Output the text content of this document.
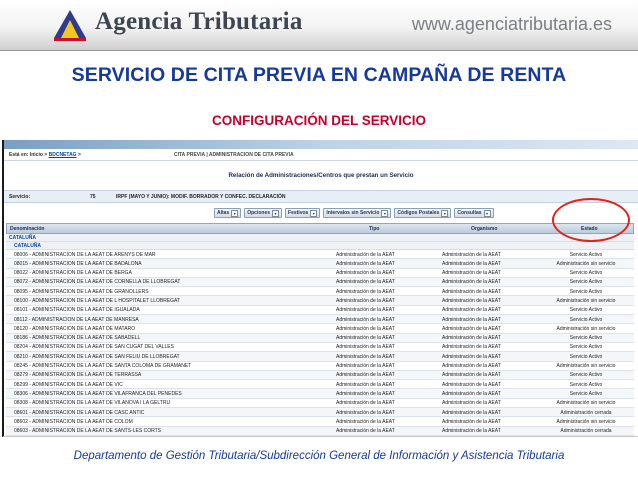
Agencia Tributaria	www.agenciatributaria.es
SERVICIO DE CITA PREVIA EN CAMPAÑA DE RENTA
CONFIGURACIÓN DEL SERVICIO
Está en: Inicio > BDCNETAG >	CITA PREVIA | ADMINISTRACION DE CITA PREVIA
Relación de Administraciones/Centros que prestan un Servicio
Servicio:	75	IRPF (MAYO Y JUNIO): MODIF. BORRADOR Y CONFEC. DECLARACIÓN
Altas	▾	Opciones	▾	Festivos	▾	Intervalos sin Servicio	▾	Códigos Postales	▾	Consultas	▾
Denominación	Tipo	Organismo	Estado
CATALUÑA
CATALUÑA
08006 - ADMINISTRACION DE LA AEAT DE ARENYS DE MAR	Administración de la AEAT	Administración de la AEAT	Servicio Activo
08015 - ADMINISTRACION DE LA AEAT DE BADALONA	Administración de la AEAT	Administración de la AEAT	Administración sin servicio
08022 - ADMINISTRACION DE LA AEAT DE BERGA	Administración de la AEAT	Administración de la AEAT	Servicio Activo
08072 - ADMINISTRACION DE LA AEAT DE CORNELLA DE LLOBREGAT	Administración de la AEAT	Administración de la AEAT	Servicio Activo
08095 - ADMINISTRACION DE LA AEAT DE GRANOLLERS	Administración de la AEAT	Administración de la AEAT	Servicio Activo
08100 - ADMINISTRACION DE LA AEAT DE L HOSPITALET LLOBREGAT	Administración de la AEAT	Administración de la AEAT	Administración sin servicio
08101 - ADMINISTRACION DE LA AEAT DE IGUALADA	Administración de la AEAT	Administración de la AEAT	Servicio Activo
08112 - ADMINISTRACION DE LA AEAT DE MANRESA	Administración de la AEAT	Administración de la AEAT	Servicio Activo
08120 - ADMINISTRACION DE LA AEAT DE MATARO	Administración de la AEAT	Administración de la AEAT	Administración sin servicio
08186 - ADMINISTRACION DE LA AEAT DE SABADELL	Administración de la AEAT	Administración de la AEAT	Servicio Activo
08204 - ADMINISTRACION DE LA AEAT DE SAN CUGAT DEL VALLES	Administración de la AEAT	Administración de la AEAT	Servicio Activo
08210 - ADMINISTRACION DE LA AEAT DE SAN FELIU DE LLOBREGAT	Administración de la AEAT	Administración de la AEAT	Servicio Activo
08245 - ADMINISTRACION DE LA AEAT DE SANTA COLOMA DE GRAMANET	Administración de la AEAT	Administración de la AEAT	Administración sin servicio
08279 - ADMINISTRACION DE LA AEAT DE TERRASSA	Administración de la AEAT	Administración de la AEAT	Servicio Activo
08299 - ADMINISTRACION DE LA AEAT DE VIC	Administración de la AEAT	Administración de la AEAT	Servicio Activo
08306 - ADMINISTRACION DE LA AEAT DE VILAFRANCA DEL PENEDES	Administración de la AEAT	Administración de la AEAT	Servicio Activo
08308 - ADMINISTRACION DE LA AEAT DE VILANOVA I LA GELTRU	Administración de la AEAT	Administración de la AEAT	Administración sin servicio
08601 - ADMINISTRACION DE LA AEAT DE CASC ANTIC	Administración de la AEAT	Administración de la AEAT	Administración cerrada
08602 - ADMINISTRACION DE LA AEAT DE COLOM	Administración de la AEAT	Administración de la AEAT	Administración sin servicio
08603 - ADMINISTRACION DE LA AEAT DE SANTS-LES CORTS	Administración de la AEAT	Administración de la AEAT	Administración cerrada
Departamento de Gestión Tributaria/Subdirección General de Información y Asistencia Tributaria
